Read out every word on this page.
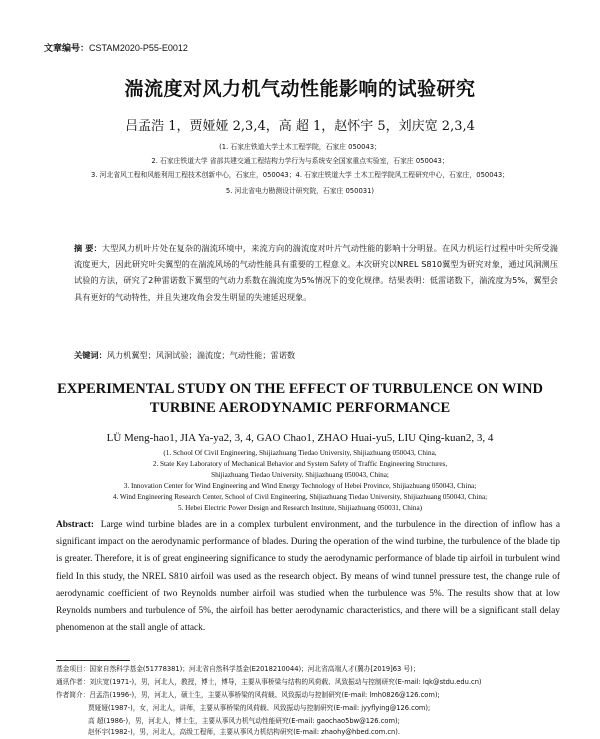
文章编号：CSTAM2020-P55-E0012
湍流度对风力机气动性能影响的试验研究
吕孟浩 1，贾娅娅 2,3,4，高 超 1，赵怀宇 5，刘庆宽 2,3,4
(1. 石家庄铁道大学土木工程学院，石家庄 050043；
2. 石家庄铁道大学 省部共建交通工程结构力学行为与系统安全国家重点实验室，石家庄 050043；
3. 河北省风工程和风能利用工程技术创新中心，石家庄，050043；4. 石家庄铁道大学 土木工程学院风工程研究中心，石家庄，050043；
5. 河北省电力勘测设计研究院，石家庄 050031)
摘 要：大型风力机叶片处在复杂的湍流环境中，来流方向的湍流度对叶片气动性能的影响十分明显。在风力机运行过程中叶尖所受湍流度更大，因此研究叶尖翼型的在湍流风场的气动性能具有重要的工程意义。本次研究以NREL S810翼型为研究对象，通过风洞测压试验的方法，研究了2种雷诺数下翼型的气动力系数在湍流度为5%情况下的变化规律。结果表明：低雷诺数下，湍流度为5%，翼型会具有更好的气动特性，并且失速攻角会发生明显的失速延迟现象。
关键词：风力机翼型；风洞试验；湍流度；气动性能；雷诺数
EXPERIMENTAL STUDY ON THE EFFECT OF TURBULENCE ON WIND TURBINE AERODYNAMIC PERFORMANCE
LÜ Meng-hao1, JIA Ya-ya2, 3, 4, GAO Chao1, ZHAO Huai-yu5, LIU Qing-kuan2, 3, 4
(1. School Of Civil Engineering, Shijiazhuang Tiedao University, Shijiazhuang 050043, China,
2. State Key Laboratory of Mechanical Behavior and System Safety of Traffic Engineering Structures,
Shijiazhuang Tiedao University. Shijiazhuang 050043, China;
3. Innovation Center for Wind Engineering and Wind Energy Technology of Hebei Province, Shijiazhuang 050043, China;
Abstract: Large wind turbine blades are in a complex turbulent environment, and the turbulence in the direction of inflow has a significant impact on the aerodynamic performance of blades. During the operation of the wind turbine, the turbulence of the blade tip is greater. Therefore, it is of great engineering significance to study the aerodynamic performance of blade tip airfoil in turbulent wind field In this study, the NREL S810 airfoil was used as the research object. By means of wind tunnel pressure test, the change rule of aerodynamic coefficient of two Reynolds number airfoil was studied when the turbulence was 5%. The results show that at low Reynolds numbers and turbulence of 5%, the airfoil has better aerodynamic characteristics, and there will be a significant stall delay phenomenon at the stall angle of attack.
基金项目：国家自然科学基金(51778381)；河北省自然科学基金(E2018210044)；河北省高端人才(冀办[2019]63 号)；
通讯作者：刘庆宽(1971-)，男，河北人，教授，博士，博导，主要从事桥梁与结构的风荷载、风致振动与控制研究(E-mail: lqk@stdu.edu.cn)
作者简介：吕孟浩(1996-)，男，河北人，硕士生，主要从事桥梁的风荷载、风致振动与控制研究(E-mail: lmh0826@126.com);
贾娅娅(1987-)，女，河北人，讲师，主要从事桥梁的风荷载、风致振动与控制研究(E-mail: jyyflying@126.com);
高 超(1986-)，男，河北人，博士生，主要从事风力机气动性能研究(E-mail: gaochao5bw@126.com);
赵怀宇(1982-)，男，河北人，高级工程师，主要从事风力机结构研究(E-mail: zhaohy@hbed.com.cn).
4. Wind Engineering Research Center, School of Civil Engineering, Shijiazhuang Tiedao University, Shijiazhuang 050043, China;
5. Hebei Electric Power Design and Research Institute, Shijiazhuang 050031, China)
